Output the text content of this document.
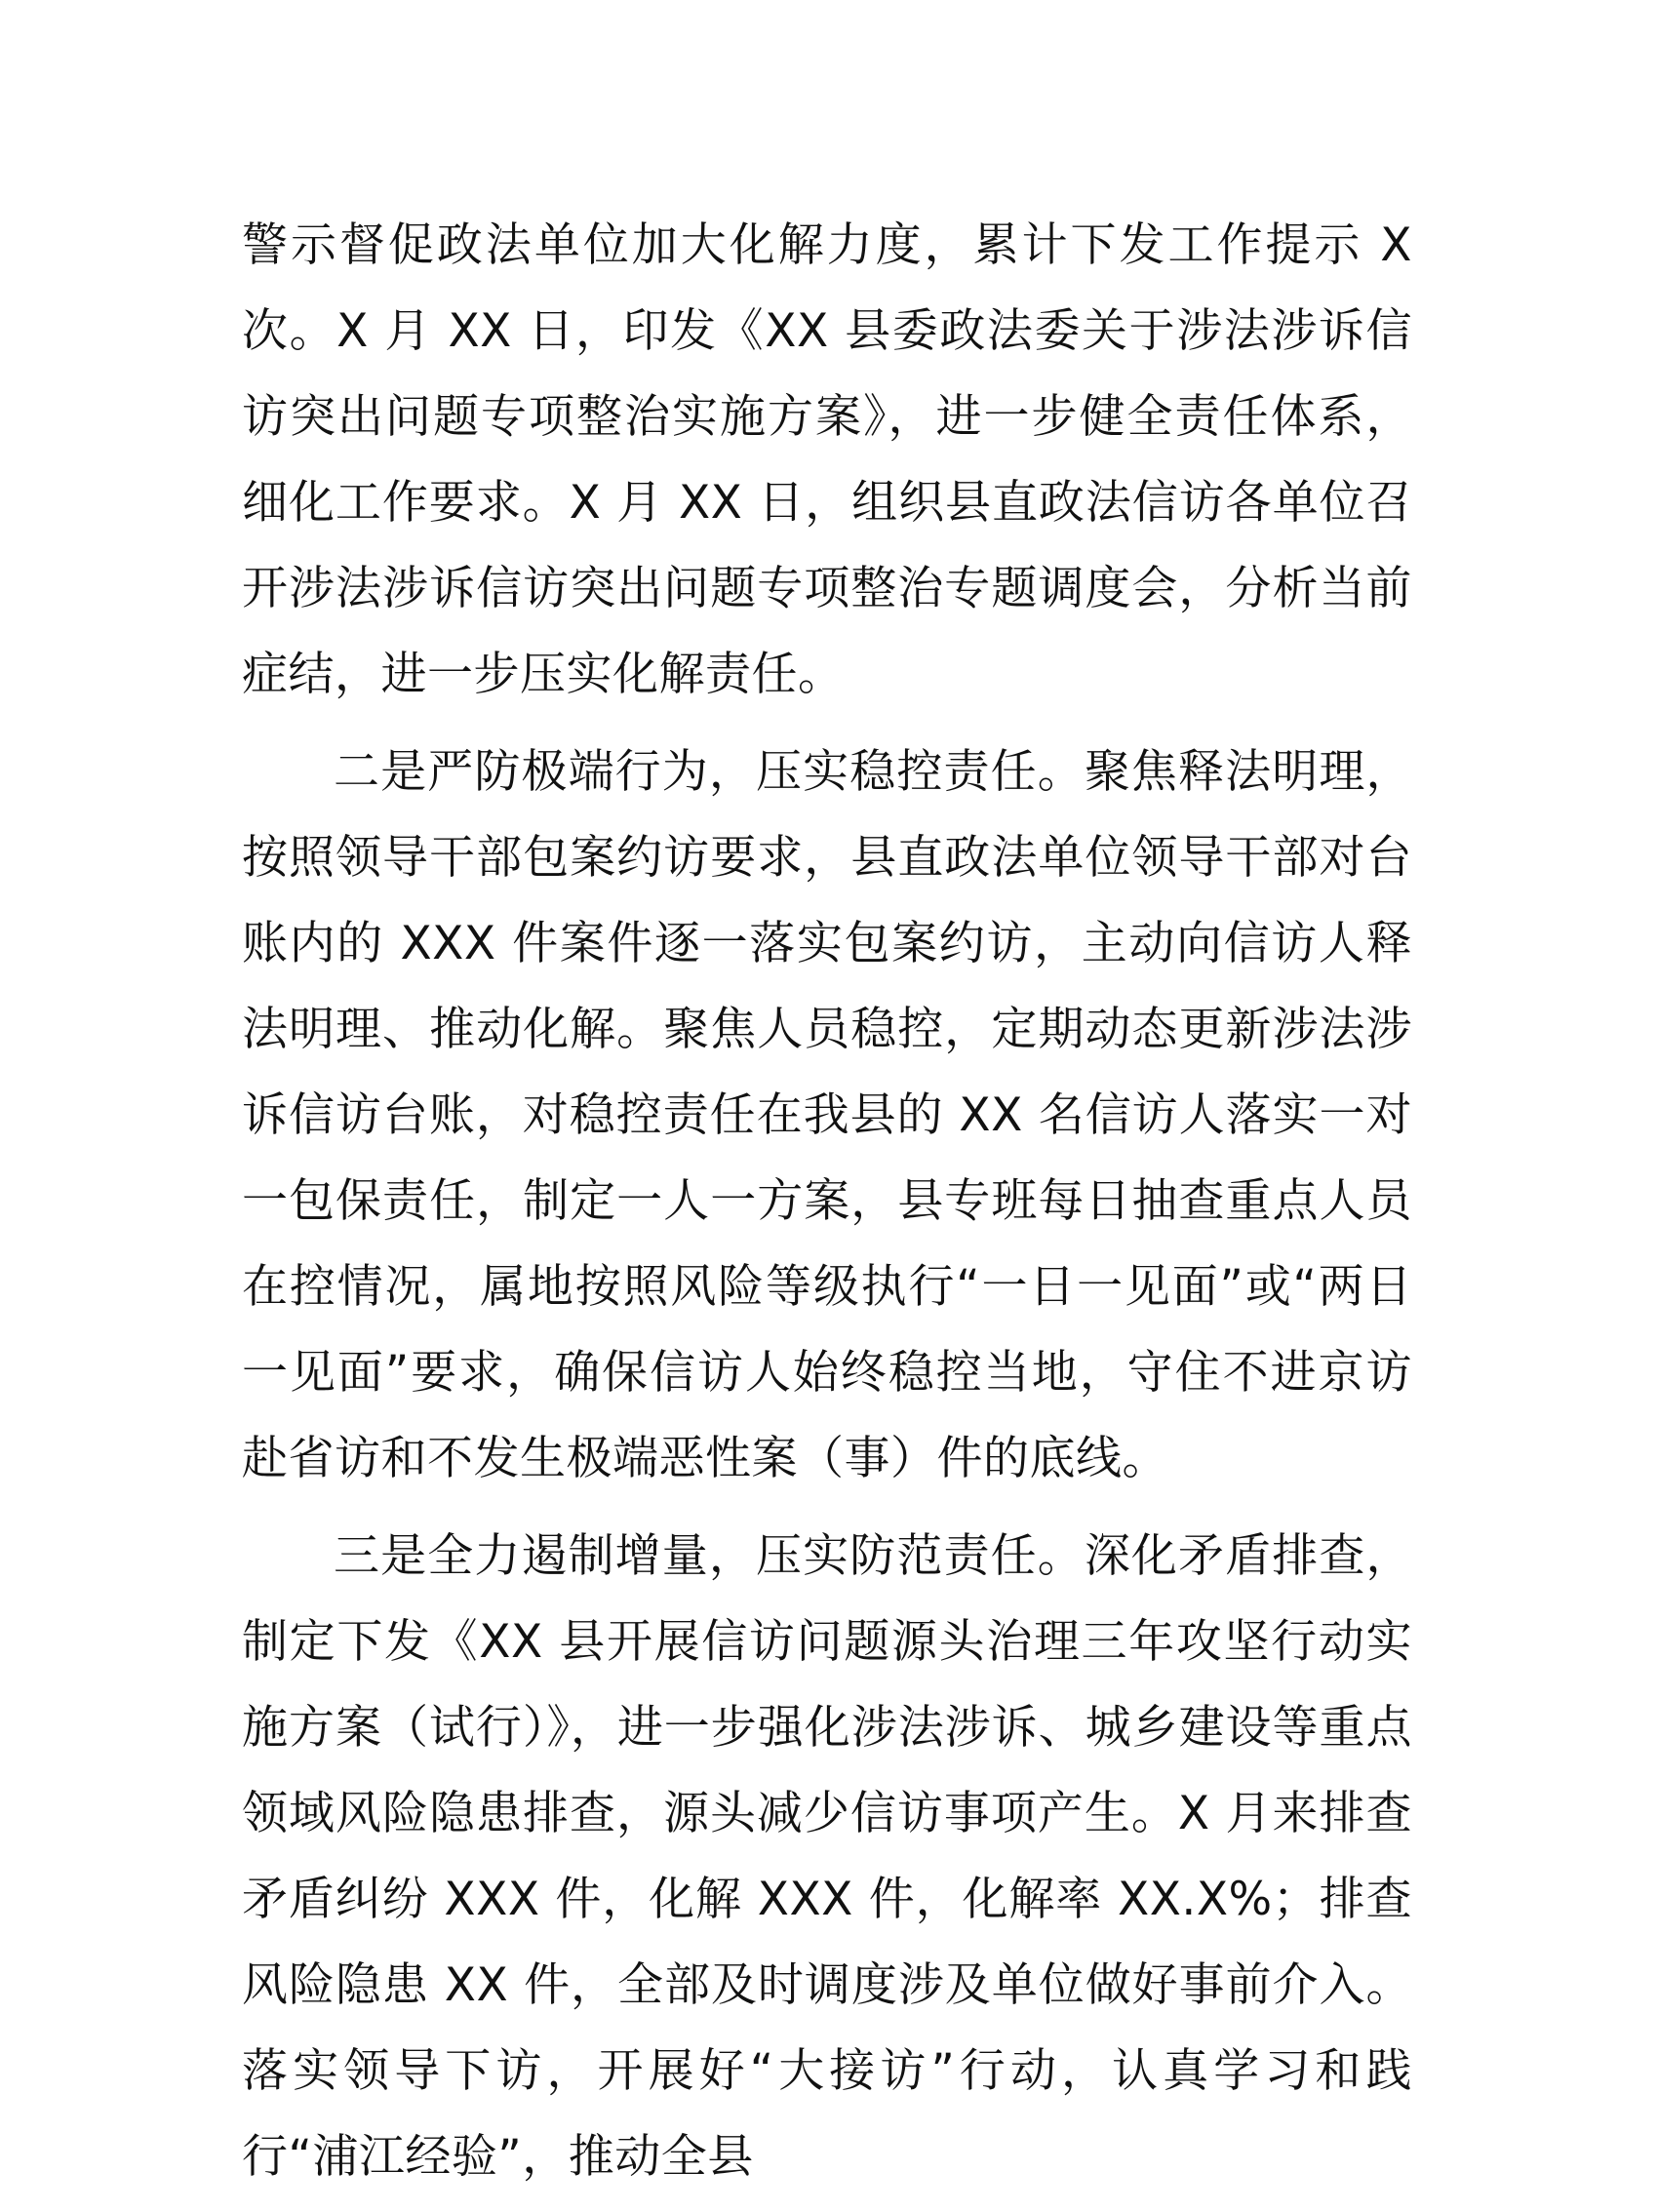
警示督促政法单位加大化解力度，累计下发工作提示 X 次。X 月 XX 日，印发《XX 县委政法委关于涉法涉诉信访突出问题专项整治实施方案》，进一步健全责任体系，细化工作要求。X 月 XX 日，组织县直政法信访各单位召开涉法涉诉信访突出问题专项整治专题调度会，分析当前症结，进一步压实化解责任。

二是严防极端行为，压实稳控责任。聚焦释法明理，按照领导干部包案约访要求，县直政法单位领导干部对台账内的 XXX 件案件逐一落实包案约访，主动向信访人释法明理、推动化解。聚焦人员稳控，定期动态更新涉法涉诉信访台账，对稳控责任在我县的 XX 名信访人落实一对一包保责任，制定一人一方案，县专班每日抽查重点人员在控情况，属地按照风险等级执行“一日一见面”或“两日一见面”要求，确保信访人始终稳控当地，守住不进京访赴省访和不发生极端恶性案（事）件的底线。

三是全力遏制增量，压实防范责任。深化矛盾排查，制定下发《XX 县开展信访问题源头治理三年攻坚行动实施方案（试行）》，进一步强化涉法涉诉、城乡建设等重点领域风险隐患排查，源头减少信访事项产生。X 月来排查矛盾纠纷 XXX 件，化解 XXX 件，化解率 XX.X%；排查风险隐患 XX 件，全部及时调度涉及单位做好事前介入。落实领导下访，开展好“大接访”行动，认真学习和践行“浦江经验”，推动全县
